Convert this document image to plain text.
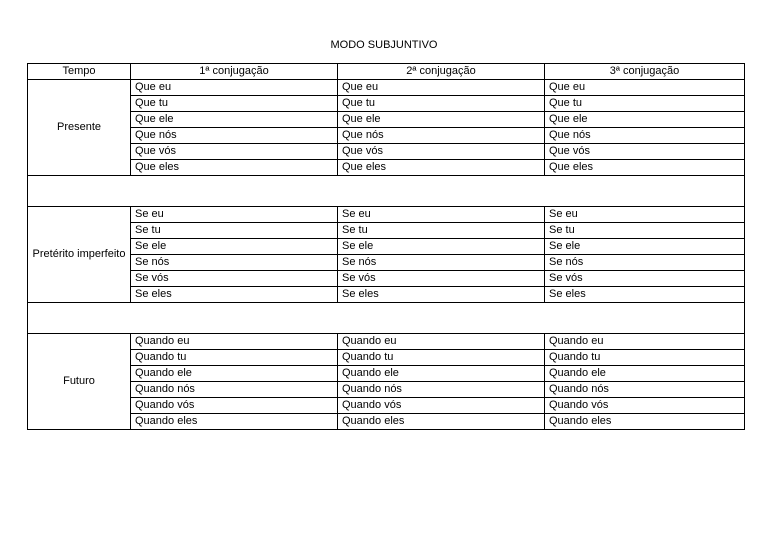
MODO SUBJUNTIVO
Tempo	1ª conjugação	2ª conjugação	3ª conjugação
Presente	Que eu	Que eu	Que eu
	Que tu	Que tu	Que tu
	Que ele	Que ele	Que ele
	Que nós	Que nós	Que nós
	Que vós	Que vós	Que vós
	Que eles	Que eles	Que eles

Pretérito imperfeito	Se eu	Se eu	Se eu
	Se tu	Se tu	Se tu
	Se ele	Se ele	Se ele
	Se nós	Se nós	Se nós
	Se vós	Se vós	Se vós
	Se eles	Se eles	Se eles

Futuro	Quando eu	Quando eu	Quando eu
	Quando tu	Quando tu	Quando tu
	Quando ele	Quando ele	Quando ele
	Quando nós	Quando nós	Quando nós
	Quando vós	Quando vós	Quando vós
	Quando eles	Quando eles	Quando eles
